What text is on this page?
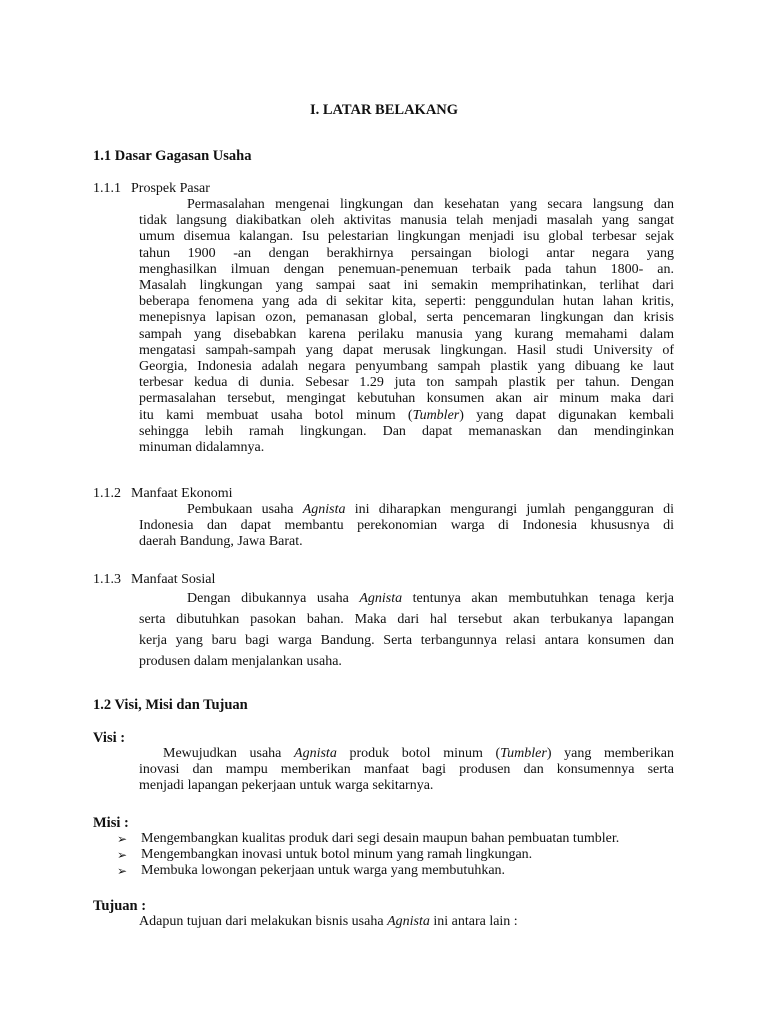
I. LATAR BELAKANG
1.1 Dasar Gagasan Usaha
1.1.1 Prospek Pasar
Permasalahan mengenai lingkungan dan kesehatan yang secara langsung dan
tidak langsung diakibatkan oleh aktivitas manusia telah menjadi masalah yang sangat
umum disemua kalangan. Isu pelestarian lingkungan menjadi isu global terbesar sejak
tahun 1900 -an dengan berakhirnya persaingan biologi antar negara yang
menghasilkan ilmuan dengan penemuan-penemuan terbaik pada tahun 1800- an.
Masalah lingkungan yang sampai saat ini semakin memprihatinkan, terlihat dari
beberapa fenomena yang ada di sekitar kita, seperti: penggundulan hutan lahan kritis,
menepisnya lapisan ozon, pemanasan global, serta pencemaran lingkungan dan krisis
sampah yang disebabkan karena perilaku manusia yang kurang memahami dalam
mengatasi sampah-sampah yang dapat merusak lingkungan. Hasil studi University of
Georgia, Indonesia adalah negara penyumbang sampah plastik yang dibuang ke laut
terbesar kedua di dunia. Sebesar 1.29 juta ton sampah plastik per tahun. Dengan
permasalahan tersebut, mengingat kebutuhan konsumen akan air minum maka dari
itu kami membuat usaha botol minum (Tumbler) yang dapat digunakan kembali
sehingga lebih ramah lingkungan. Dan dapat memanaskan dan mendinginkan
minuman didalamnya.
1.1.2 Manfaat Ekonomi
Pembukaan usaha Agnista ini diharapkan mengurangi jumlah pengangguran di
Indonesia dan dapat membantu perekonomian warga di Indonesia khususnya di
daerah Bandung, Jawa Barat.
1.1.3 Manfaat Sosial
Dengan dibukannya usaha Agnista tentunya akan membutuhkan tenaga kerja
serta dibutuhkan pasokan bahan. Maka dari hal tersebut akan terbukanya lapangan
kerja yang baru bagi warga Bandung. Serta terbangunnya relasi antara konsumen dan
produsen dalam menjalankan usaha.
1.2 Visi, Misi dan Tujuan
Visi :
Mewujudkan usaha Agnista produk botol minum (Tumbler) yang memberikan
inovasi dan mampu memberikan manfaat bagi produsen dan konsumennya serta
menjadi lapangan pekerjaan untuk warga sekitarnya.
Misi :
➢ Mengembangkan kualitas produk dari segi desain maupun bahan pembuatan tumbler.
➢ Mengembangkan inovasi untuk botol minum yang ramah lingkungan.
➢ Membuka lowongan pekerjaan untuk warga yang membutuhkan.
Tujuan :
Adapun tujuan dari melakukan bisnis usaha Agnista ini antara lain :
